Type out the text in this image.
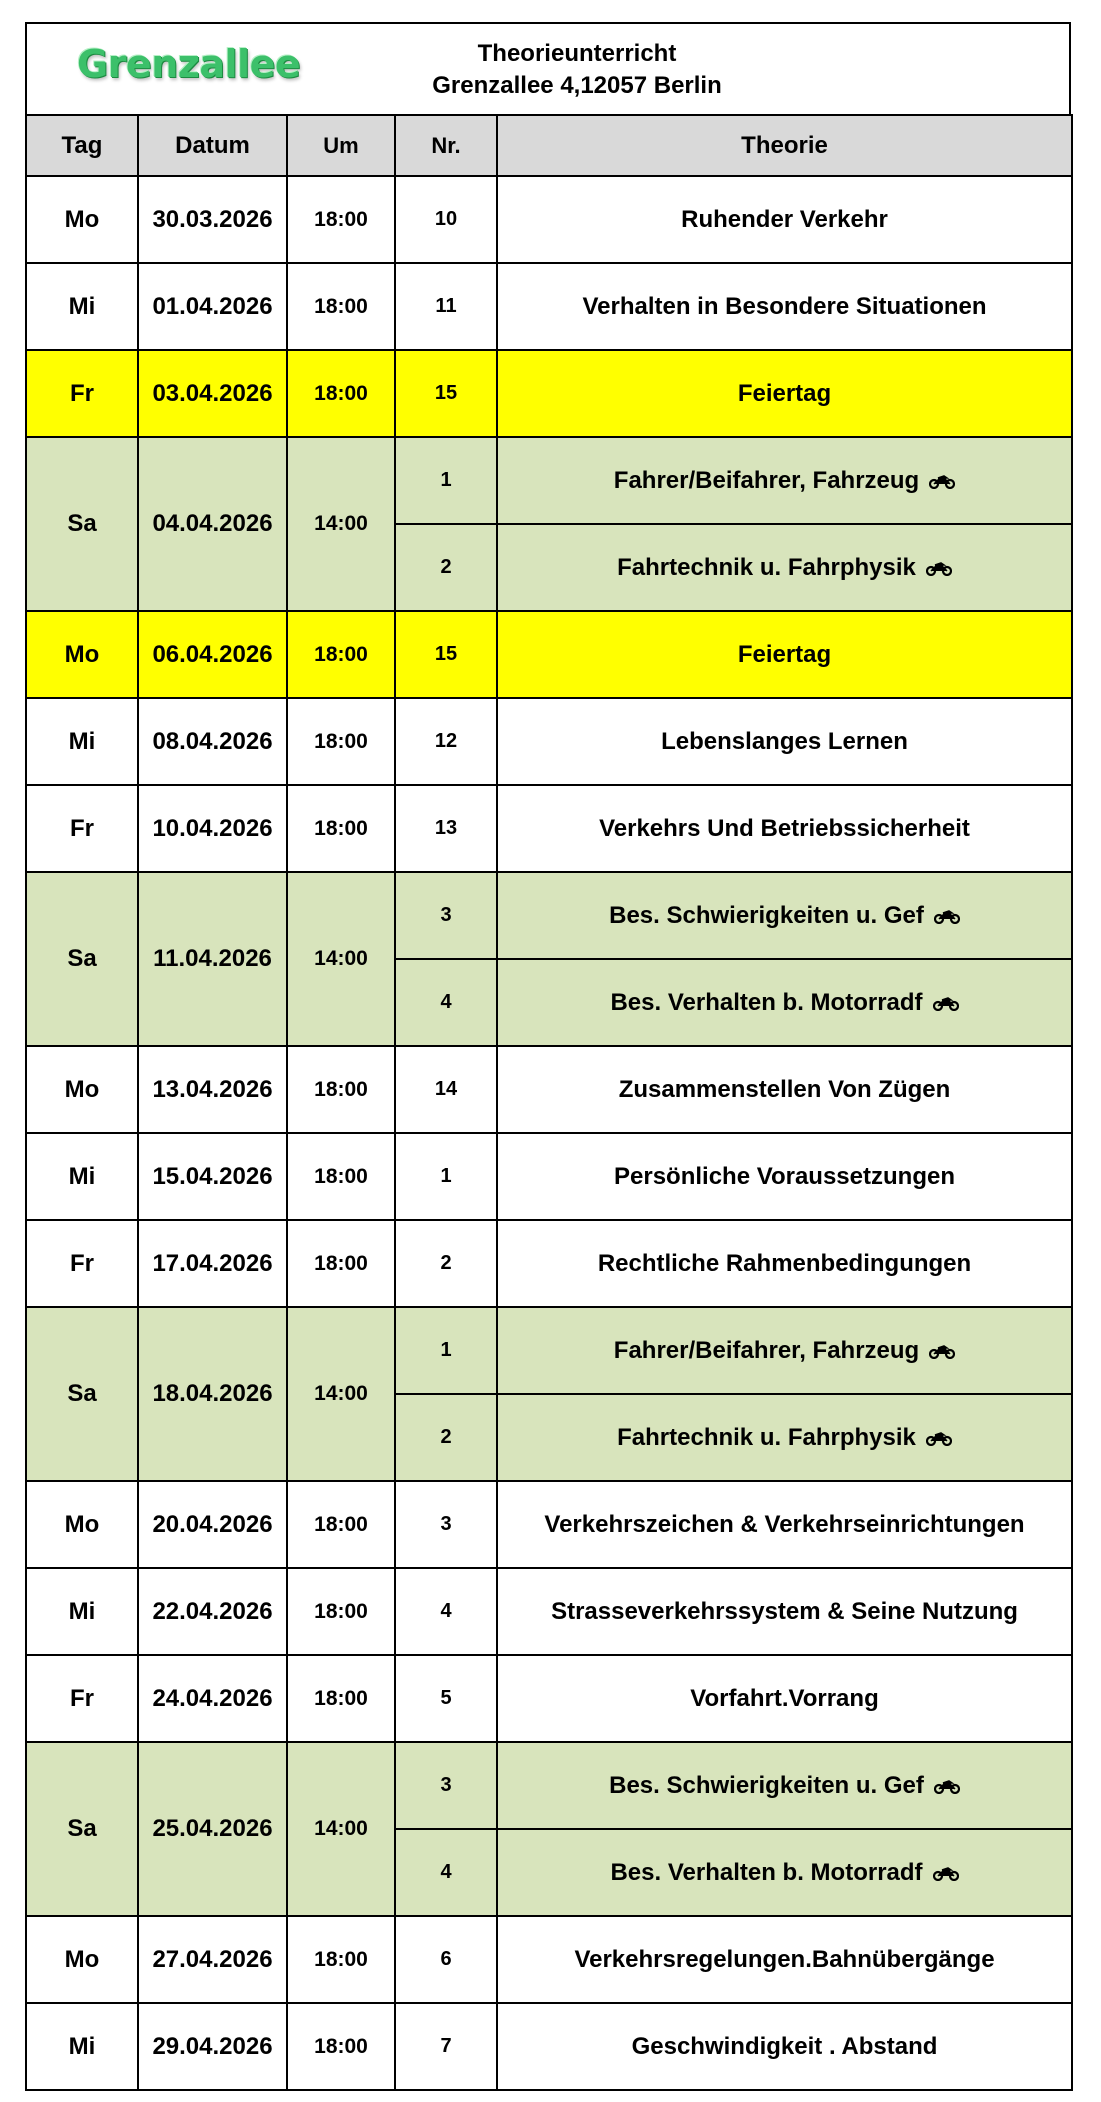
Grenzallee	Theorieunterricht
Grenzallee 4,12057 Berlin
Tag	Datum	Um	Nr.	Theorie
Mo	30.03.2026	18:00	10	Ruhender Verkehr
Mi	01.04.2026	18:00	11	Verhalten in Besondere Situationen
Fr	03.04.2026	18:00	15	Feiertag
Sa	04.04.2026	14:00	1	Fahrer/Beifahrer, Fahrzeug
			2	Fahrtechnik u. Fahrphysik
Mo	06.04.2026	18:00	15	Feiertag
Mi	08.04.2026	18:00	12	Lebenslanges Lernen
Fr	10.04.2026	18:00	13	Verkehrs Und Betriebssicherheit
Sa	11.04.2026	14:00	3	Bes. Schwierigkeiten u. Gef
			4	Bes. Verhalten b. Motorradf
Mo	13.04.2026	18:00	14	Zusammenstellen Von Zügen
Mi	15.04.2026	18:00	1	Persönliche Voraussetzungen
Fr	17.04.2026	18:00	2	Rechtliche Rahmenbedingungen
Sa	18.04.2026	14:00	1	Fahrer/Beifahrer, Fahrzeug
			2	Fahrtechnik u. Fahrphysik
Mo	20.04.2026	18:00	3	Verkehrszeichen & Verkehrseinrichtungen
Mi	22.04.2026	18:00	4	Strasseverkehrssystem & Seine Nutzung
Fr	24.04.2026	18:00	5	Vorfahrt.Vorrang
Sa	25.04.2026	14:00	3	Bes. Schwierigkeiten u. Gef
			4	Bes. Verhalten b. Motorradf
Mo	27.04.2026	18:00	6	Verkehrsregelungen.Bahnübergänge
Mi	29.04.2026	18:00	7	Geschwindigkeit . Abstand
